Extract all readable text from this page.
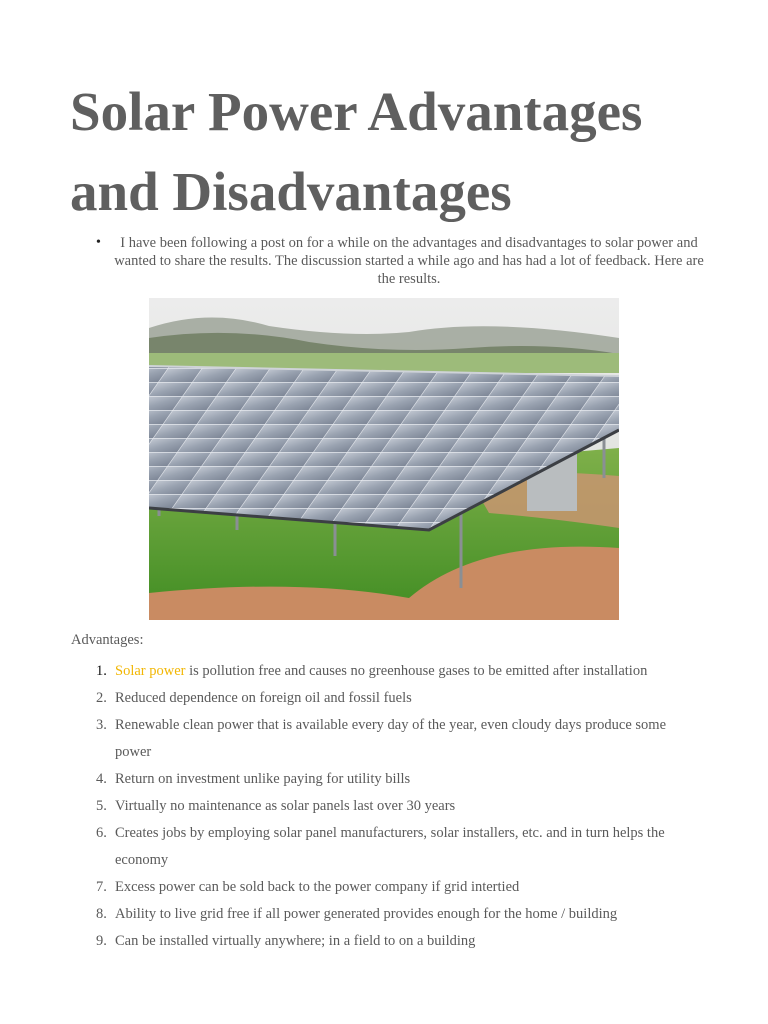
Solar Power Advantages and Disadvantages
•	I have been following a post on for a while on the advantages and disadvantages to solar power and wanted to share the results. The discussion started a while ago and has had a lot of feedback. Here are the results.
Advantages:
1. Solar power is pollution free and causes no greenhouse gases to be emitted after installation
2. Reduced dependence on foreign oil and fossil fuels
3. Renewable clean power that is available every day of the year, even cloudy days produce some power
4. Return on investment unlike paying for utility bills
5. Virtually no maintenance as solar panels last over 30 years
6. Creates jobs by employing solar panel manufacturers, solar installers, etc. and in turn helps the economy
7. Excess power can be sold back to the power company if grid intertied
8. Ability to live grid free if all power generated provides enough for the home / building
9. Can be installed virtually anywhere; in a field to on a building
